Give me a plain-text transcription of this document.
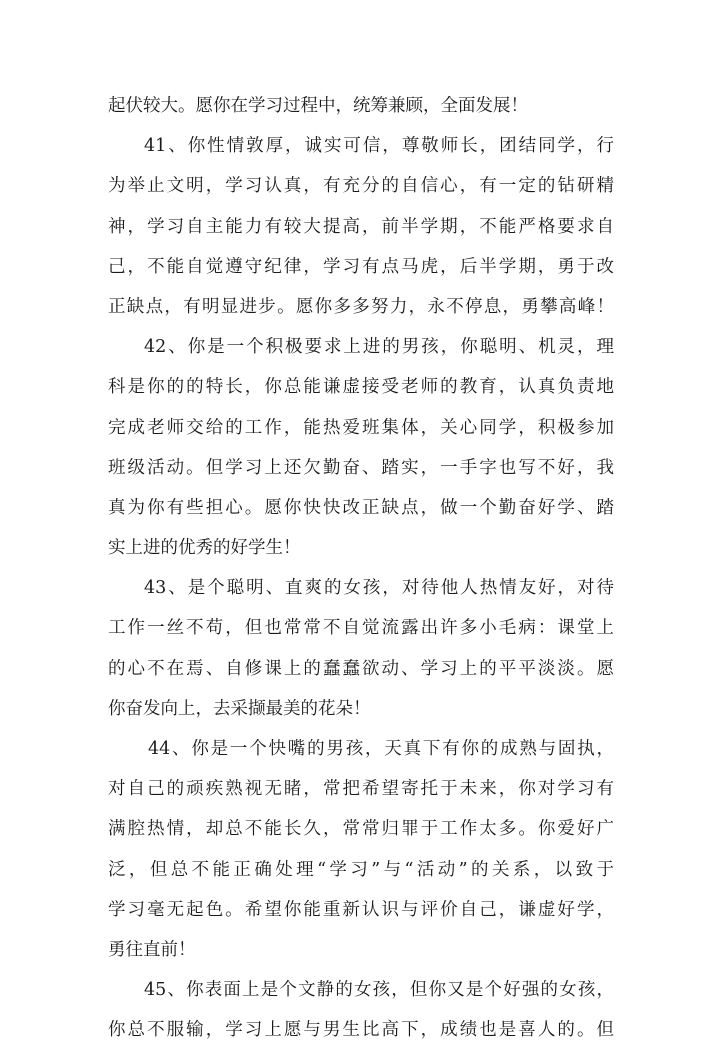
起伏较大。愿你在学习过程中，统筹兼顾，全面发展！
41、你性情敦厚，诚实可信，尊敬师长，团结同学，行
为举止文明，学习认真，有充分的自信心，有一定的钻研精
神，学习自主能力有较大提高，前半学期，不能严格要求自
己，不能自觉遵守纪律，学习有点马虎，后半学期，勇于改
正缺点，有明显进步。愿你多多努力，永不停息，勇攀高峰！
42、你是一个积极要求上进的男孩，你聪明、机灵，理
科是你的的特长，你总能谦虚接受老师的教育，认真负责地
完成老师交给的工作，能热爱班集体，关心同学，积极参加
班级活动。但学习上还欠勤奋、踏实，一手字也写不好，我
真为你有些担心。愿你快快改正缺点，做一个勤奋好学、踏
实上进的优秀的好学生！
43、是个聪明、直爽的女孩，对待他人热情友好，对待
工作一丝不苟，但也常常不自觉流露出许多小毛病：课堂上
的心不在焉、自修课上的蠢蠢欲动、学习上的平平淡淡。愿
你奋发向上，去采撷最美的花朵！
44、你是一个快嘴的男孩，天真下有你的成熟与固执，
对自己的顽疾熟视无睹，常把希望寄托于未来，你对学习有
满腔热情，却总不能长久，常常归罪于工作太多。你爱好广
泛，但总不能正确处理“学习”与“活动”的关系，以致于
学习毫无起色。希望你能重新认识与评价自己，谦虚好学，
勇往直前！
45、你表面上是个文静的女孩，但你又是个好强的女孩，
你总不服输，学习上愿与男生比高下，成绩也是喜人的。但
